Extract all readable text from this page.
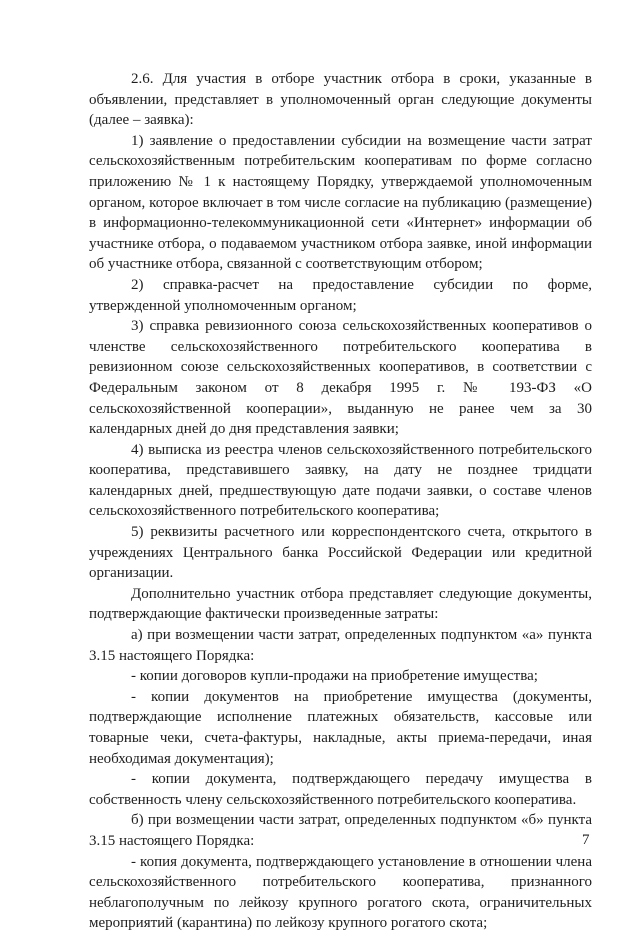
2.6. Для участия в отборе участник отбора в сроки, указанные в объявлении, представляет в уполномоченный орган следующие документы (далее – заявка):

1) заявление о предоставлении субсидии на возмещение части затрат сельскохозяйственным потребительским кооперативам по форме согласно приложению № 1 к настоящему Порядку, утверждаемой уполномоченным органом, которое включает в том числе согласие на публикацию (размещение) в информационно-телекоммуникационной сети «Интернет» информации об участнике отбора, о подаваемом участником отбора заявке, иной информации об участнике отбора, связанной с соответствующим отбором;

2) справка-расчет на предоставление субсидии по форме, утвержденной уполномоченным органом;

3) справка ревизионного союза сельскохозяйственных кооперативов о членстве сельскохозяйственного потребительского кооператива в ревизионном союзе сельскохозяйственных кооперативов, в соответствии с Федеральным законом от 8 декабря 1995 г. № 193-ФЗ «О сельскохозяйственной кооперации», выданную не ранее чем за 30 календарных дней до дня представления заявки;

4) выписка из реестра членов сельскохозяйственного потребительского кооператива, представившего заявку, на дату не позднее тридцати календарных дней, предшествующую дате подачи заявки, о составе членов сельскохозяйственного потребительского кооператива;

5) реквизиты расчетного или корреспондентского счета, открытого в учреждениях Центрального банка Российской Федерации или кредитной организации.

Дополнительно участник отбора представляет следующие документы, подтверждающие фактически произведенные затраты:

а) при возмещении части затрат, определенных подпунктом «а» пункта 3.15 настоящего Порядка:

- копии договоров купли-продажи на приобретение имущества;

- копии документов на приобретение имущества (документы, подтверждающие исполнение платежных обязательств, кассовые или товарные чеки, счета-фактуры, накладные, акты приема-передачи, иная необходимая документация);

- копии документа, подтверждающего передачу имущества в собственность члену сельскохозяйственного потребительского кооператива.

б) при возмещении части затрат, определенных подпунктом «б» пункта 3.15 настоящего Порядка:

- копия документа, подтверждающего установление в отношении члена сельскохозяйственного потребительского кооператива, признанного неблагополучным по лейкозу крупного рогатого скота, ограничительных мероприятий (карантина) по лейкозу крупного рогатого скота;

7
